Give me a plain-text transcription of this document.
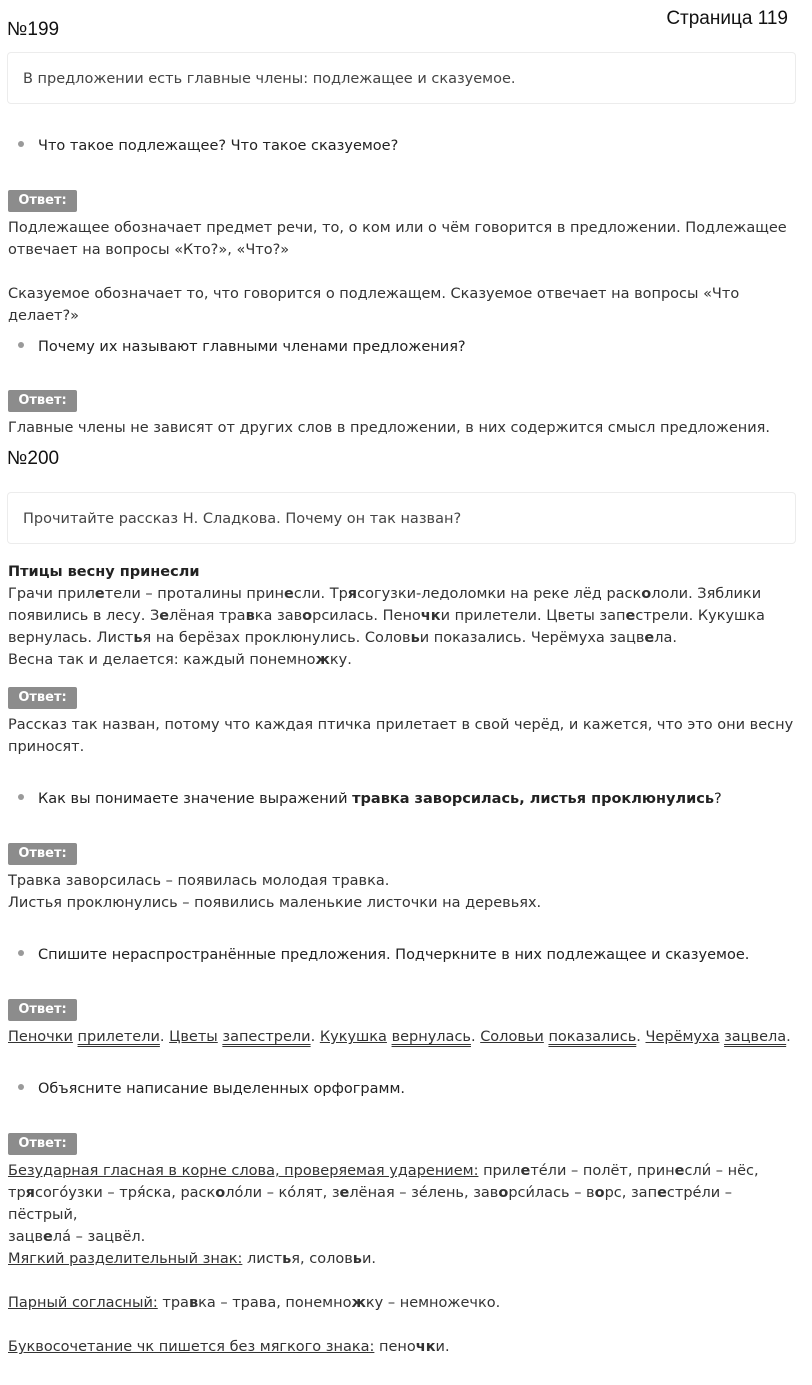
№199
Страница 119
В предложении есть главные члены: подлежащее и сказуемое.
Что такое подлежащее? Что такое сказуемое?
Ответ:
Подлежащее обозначает предмет речи, то, о ком или о чём говорится в предложении. Подлежащее отвечает на вопросы «Кто?», «Что?»
Сказуемое обозначает то, что говорится о подлежащем. Сказуемое отвечает на вопросы «Что делает?»
Почему их называют главными членами предложения?
Ответ:
Главные члены не зависят от других слов в предложении, в них содержится смысл предложения.
№200
Прочитайте рассказ Н. Сладкова. Почему он так назван?
Птицы весну принесли
Грачи прилетели – проталины принесли. Трясогузки-ледоломки на реке лёд раскололи. Зяблики
появились в лесу. Зелёная травка заворсилась. Пеночки прилетели. Цветы запестрели. Кукушка
вернулась. Листья на берёзах проклюнулись. Соловьи показались. Черёмуха зацвела.
Весна так и делается: каждый понемножку.
Ответ:
Рассказ так назван, потому что каждая птичка прилетает в свой черёд, и кажется, что это они весну приносят.
Как вы понимаете значение выражений травка заворсилась, листья проклюнулись?
Ответ:
Травка заворсилась – появилась молодая травка.
Листья проклюнулись – появились маленькие листочки на деревьях.
Спишите нераспространённые предложения. Подчеркните в них подлежащее и сказуемое.
Ответ:
Пеночки прилетели. Цветы запестрели. Кукушка вернулась. Соловьи показались. Черёмуха зацвела.
Объясните написание выделенных орфограмм.
Ответ:
Безударная гласная в корне слова, проверяемая ударением: прилете́ли – полёт, принесли́ – нёс,
трясого́узки – тря́ска, расколо́ли – ко́лят, зелёная – зе́лень, заворси́лась – ворс, запестре́ли – пёстрый,
зацвела́ – зацвёл.
Мягкий разделительный знак: листья, соловьи.
Парный согласный: травка – трава, понемножку – немножечко.
Буквосочетание чк пишется без мягкого знака: пеночки.
